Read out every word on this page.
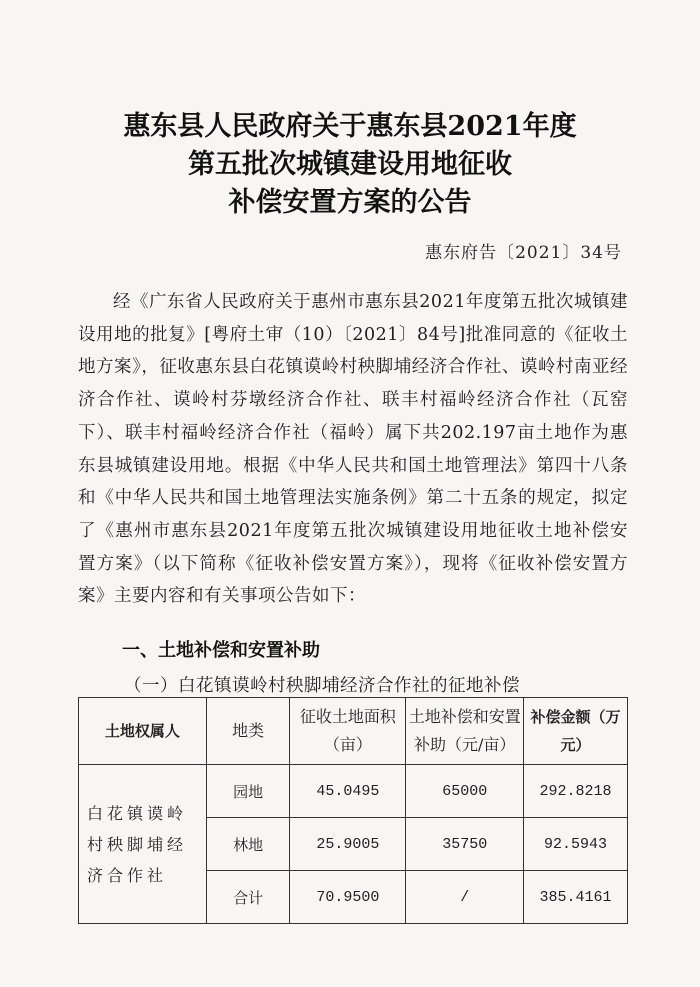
惠东县人民政府关于惠东县2021年度
第五批次城镇建设用地征收
补偿安置方案的公告
惠东府告〔2021〕34号

经《广东省人民政府关于惠州市惠东县2021年度第五批次城镇建设用地的批复》[粤府土审（10）〔2021〕84号]批准同意的《征收土地方案》，征收惠东县白花镇谟岭村秧脚埔经济合作社、谟岭村南亚经济合作社、谟岭村芬墩经济合作社、联丰村福岭经济合作社（瓦窑下）、联丰村福岭经济合作社（福岭）属下共202.197亩土地作为惠东县城镇建设用地。根据《中华人民共和国土地管理法》第四十八条和《中华人民共和国土地管理法实施条例》第二十五条的规定，拟定了《惠州市惠东县2021年度第五批次城镇建设用地征收土地补偿安置方案》（以下简称《征收补偿安置方案》），现将《征收补偿安置方案》主要内容和有关事项公告如下：

一、土地补偿和安置补助
（一）白花镇谟岭村秧脚埔经济合作社的征地补偿
土地权属人	地类	征收土地面积（亩）	土地补偿和安置补助（元/亩）	补偿金额（万元）
白花镇谟岭村秧脚埔经济合作社	园地	45.0495	65000	292.8218
	林地	25.9005	35750	92.5943
	合计	70.9500	/	385.4161
